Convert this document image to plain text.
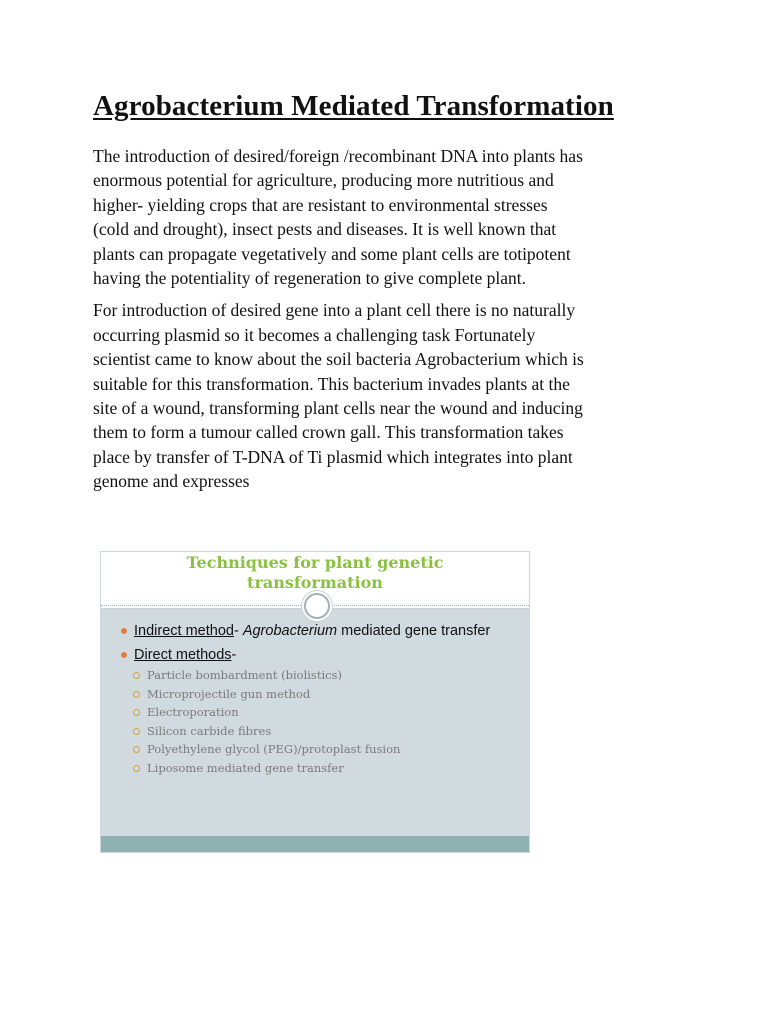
Agrobacterium Mediated Transformation

The introduction of desired/foreign /recombinant DNA into plants has
enormous potential for agriculture, producing more nutritious and
higher- yielding crops that are resistant to environmental stresses
(cold and drought), insect pests and diseases. It is well known that
plants can propagate vegetatively and some plant cells are totipotent
having the potentiality of regeneration to give complete plant.

For introduction of desired gene into a plant cell there is no naturally
occurring plasmid so it becomes a challenging task Fortunately
scientist came to know about the soil bacteria Agrobacterium which is
suitable for this transformation. This bacterium invades plants at the
site of a wound, transforming plant cells near the wound and inducing
them to form a tumour called crown gall. This transformation takes
place by transfer of T-DNA of Ti plasmid which integrates into plant
genome and expresses

Techniques for plant genetic
transformation
Indirect method- Agrobacterium mediated gene transfer
Direct methods-
Particle bombardment (biolistics)
Microprojectile gun method
Electroporation
Silicon carbide fibres
Polyethylene glycol (PEG)/protoplast fusion
Liposome mediated gene transfer
